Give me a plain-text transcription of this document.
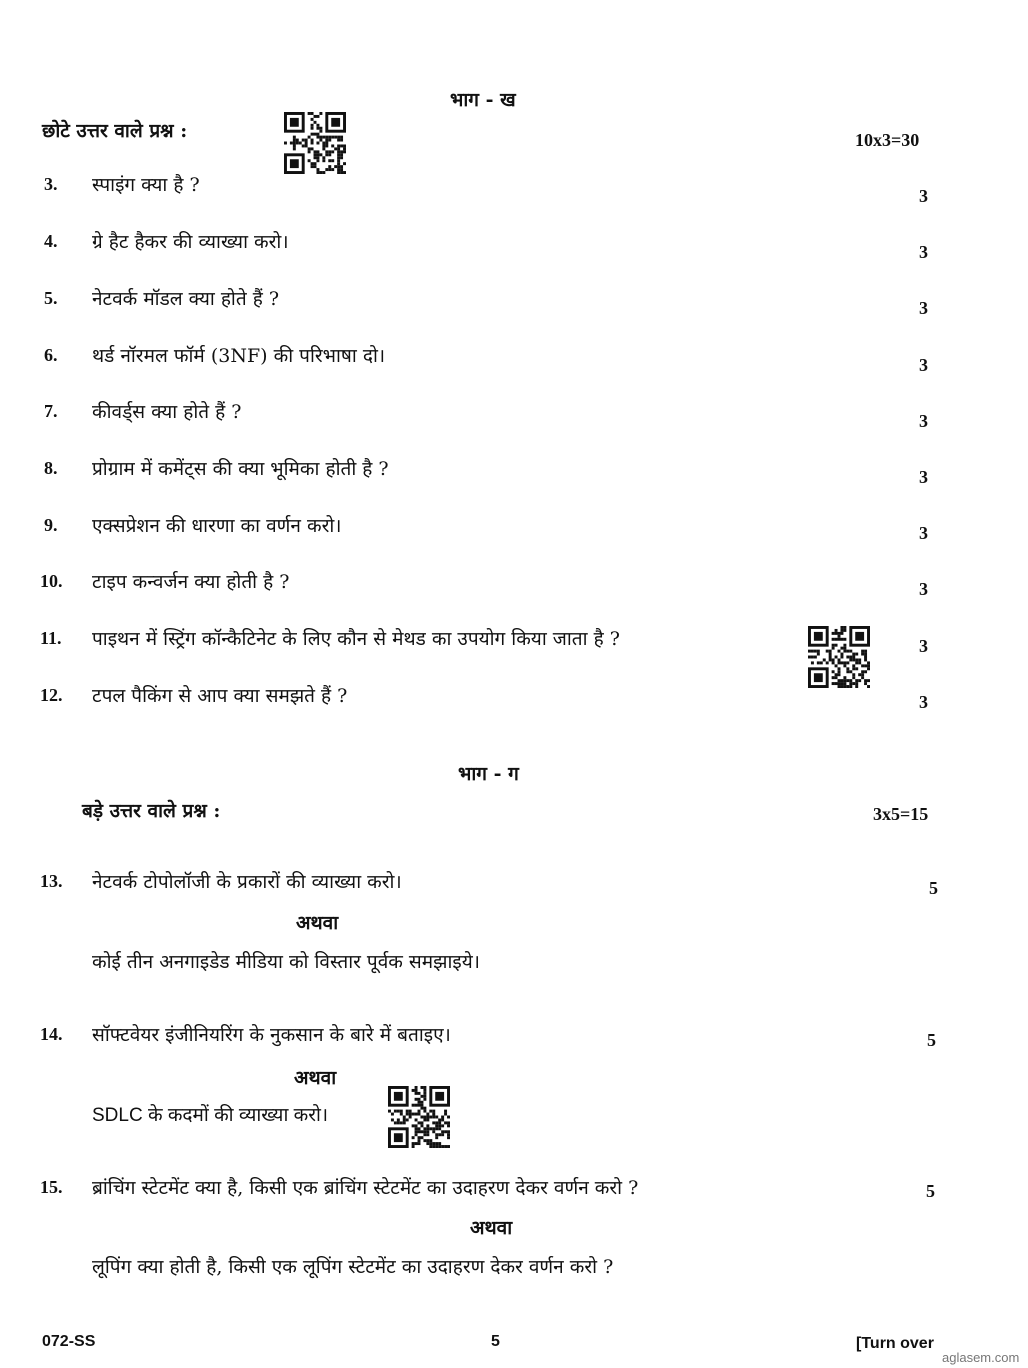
भाग - ख
छोटे उत्तर वाले प्रश्न :	10x3=30
3. स्पाइंग क्या है ?	3
4. ग्रे हैट हैकर की व्याख्या करो।	3
5. नेटवर्क मॉडल क्या होते हैं ?	3
6. थर्ड नॉरमल फॉर्म (3NF) की परिभाषा दो।	3
7. कीवर्ड्स क्या होते हैं ?	3
8. प्रोग्राम में कमेंट्स की क्या भूमिका होती है ?	3
9. एक्सप्रेशन की धारणा का वर्णन करो।	3
10. टाइप कन्वर्जन क्या होती है ?	3
11. पाइथन में स्ट्रिंग कॉन्कैटिनेट के लिए कौन से मेथड का उपयोग किया जाता है ?	3
12. टपल पैकिंग से आप क्या समझते हैं ?	3
भाग - ग
बड़े उत्तर वाले प्रश्न :	3x5=15
13. नेटवर्क टोपोलॉजी के प्रकारों की व्याख्या करो।	5
अथवा
कोई तीन अनगाइडेड मीडिया को विस्तार पूर्वक समझाइये।
14. सॉफ्टवेयर इंजीनियरिंग के नुकसान के बारे में बताइए।	5
अथवा
SDLC के कदमों की व्याख्या करो।
15. ब्रांचिंग स्टेटमेंट क्या है, किसी एक ब्रांचिंग स्टेटमेंट का उदाहरण देकर वर्णन करो ?	5
अथवा
लूपिंग क्या होती है, किसी एक लूपिंग स्टेटमेंट का उदाहरण देकर वर्णन करो ?
072-SS	5	[Turn over
aglasem.com
